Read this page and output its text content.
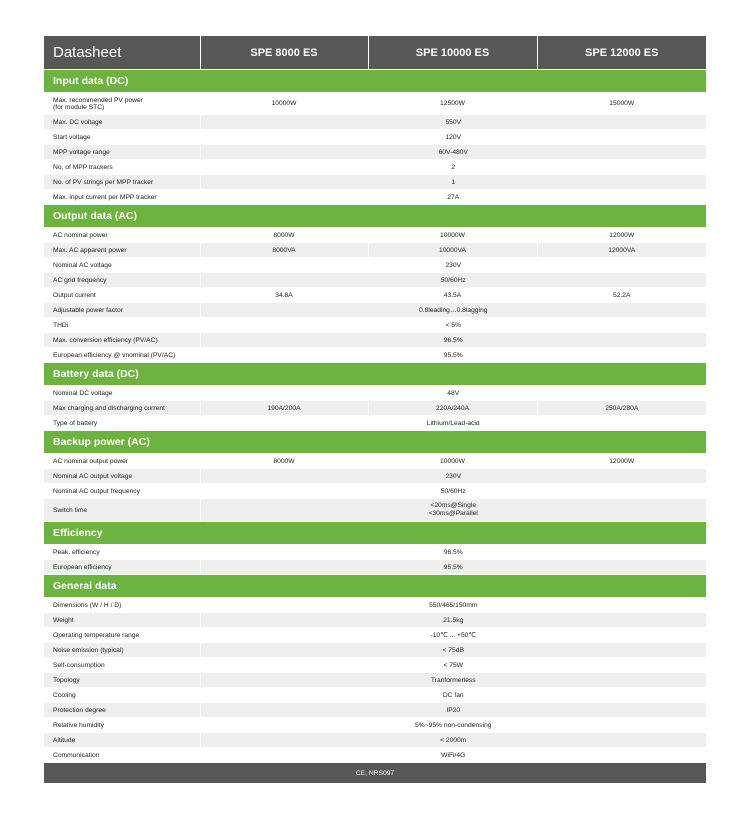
Datasheet	SPE 8000 ES	SPE 10000 ES	SPE 12000 ES
Input data (DC)			
Max. recommended PV power
(for module STC)	10000W	12500W	15000W
Max. DC voltage	550V		
Start voltage	120V		
MPP voltage range	60V-480V		
No. of MPP trackers	2		
No. of PV strings per MPP tracker	1		
Max. input current per MPP tracker	27A		
Output data (AC)			
AC nominal power	8000W	10000W	12000W
Max. AC apparent power	8000VA	10000VA	12000VA
Nominal AC voltage	230V		
AC grid frequency	50/60Hz		
Output current	34.8A	43.5A	52.2A
Adjustable power factor	0.8leading…0.8lagging		
THDi	< 5%		
Max. conversion efficiency (PV/AC)	96.5%		
European efficiency @ vnominal (PV/AC)	95.5%		
Battery data (DC)			
Nominal DC voltage	48V		
Max charging and discharging current	190A/200A	220A/240A	250A/280A
Type of battery	Lithium/Lead-acid		
Backup power (AC)			
AC nominal output power	8000W	10000W	12000W
Nominal AC output voltage	230V		
Nominal AC output frequency	50/60Hz		
Switch time	<20ms@Single
<30ms@Parallel		
Efficiency			
Peak. efficiency	96.5%		
European efficiency	95.5%		
General data			
Dimensions (W / H / D)	550/465/150mm		
Weight	21.5kg		
Operating temperature range	-10℃ ... +50℃		
Noise emission (typical)	< 75dB		
Self-consumption	< 75W		
Topology	Tranformerless		
Cooling	DC fan		
Protection degree	IP20		
Relative humidity	5%~95% non-condensing		
Altitude	< 2000m		
Communication	WiFi/4G		
CE, NRS097			
